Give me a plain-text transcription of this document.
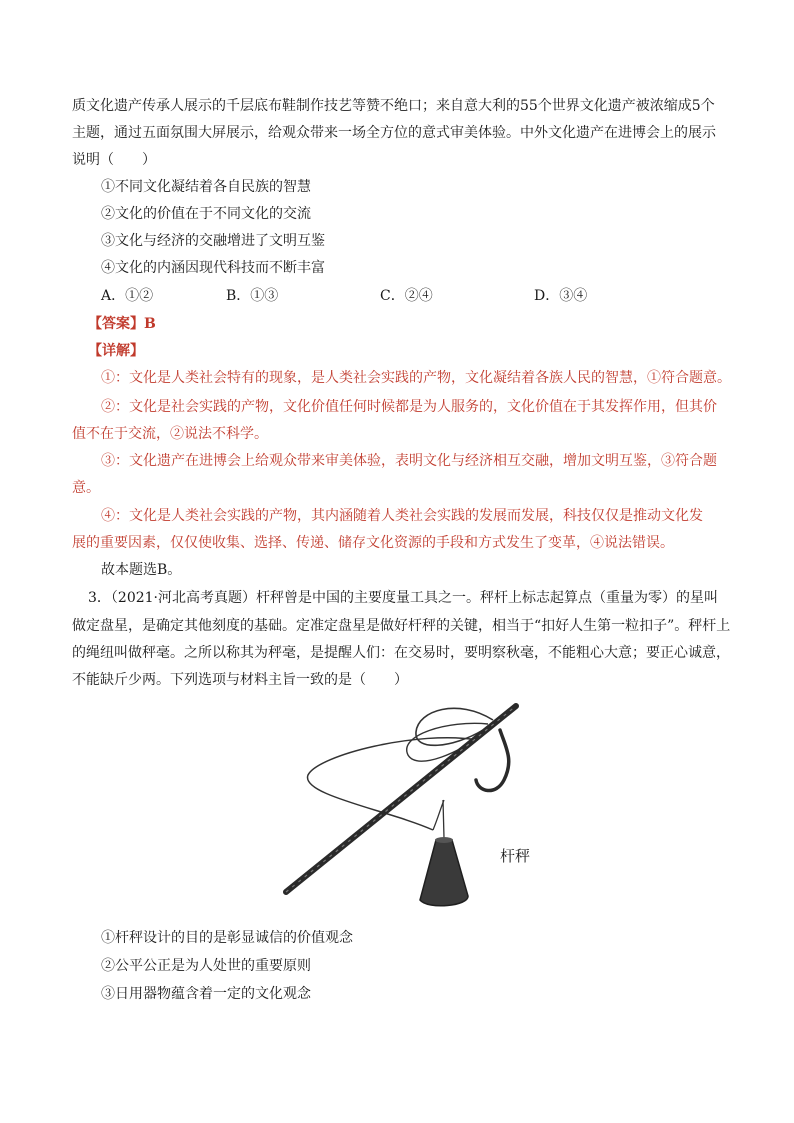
质文化遗产传承人展示的千层底布鞋制作技艺等赞不绝口；来自意大利的55个世界文化遗产被浓缩成5个
主题，通过五面氛围大屏展示，给观众带来一场全方位的意式审美体验。中外文化遗产在进博会上的展示
说明（　　）
①不同文化凝结着各自民族的智慧
②文化的价值在于不同文化的交流
③文化与经济的交融增进了文明互鉴
④文化的内涵因现代科技而不断丰富
A．①②	B．①③	C．②④	D．③④
【答案】B
【详解】
①：文化是人类社会特有的现象，是人类社会实践的产物，文化凝结着各族人民的智慧，①符合题意。
②：文化是社会实践的产物，文化价值任何时候都是为人服务的，文化价值在于其发挥作用，但其价
值不在于交流，②说法不科学。
③：文化遗产在进博会上给观众带来审美体验，表明文化与经济相互交融，增加文明互鉴，③符合题
意。
④：文化是人类社会实践的产物，其内涵随着人类社会实践的发展而发展，科技仅仅是推动文化发
展的重要因素，仅仅使收集、选择、传递、储存文化资源的手段和方式发生了变革，④说法错误。
故本题选B。
3．（2021·河北高考真题）杆秤曾是中国的主要度量工具之一。秤杆上标志起算点（重量为零）的星叫
做定盘星，是确定其他刻度的基础。定准定盘星是做好杆秤的关键，相当于“扣好人生第一粒扣子”。秤杆上
的绳纽叫做秤毫。之所以称其为秤毫，是提醒人们：在交易时，要明察秋毫，不能粗心大意；要正心诚意，
不能缺斤少两。下列选项与材料主旨一致的是（　　）
杆秤
①杆秤设计的目的是彰显诚信的价值观念
②公平公正是为人处世的重要原则
③日用器物蕴含着一定的文化观念
